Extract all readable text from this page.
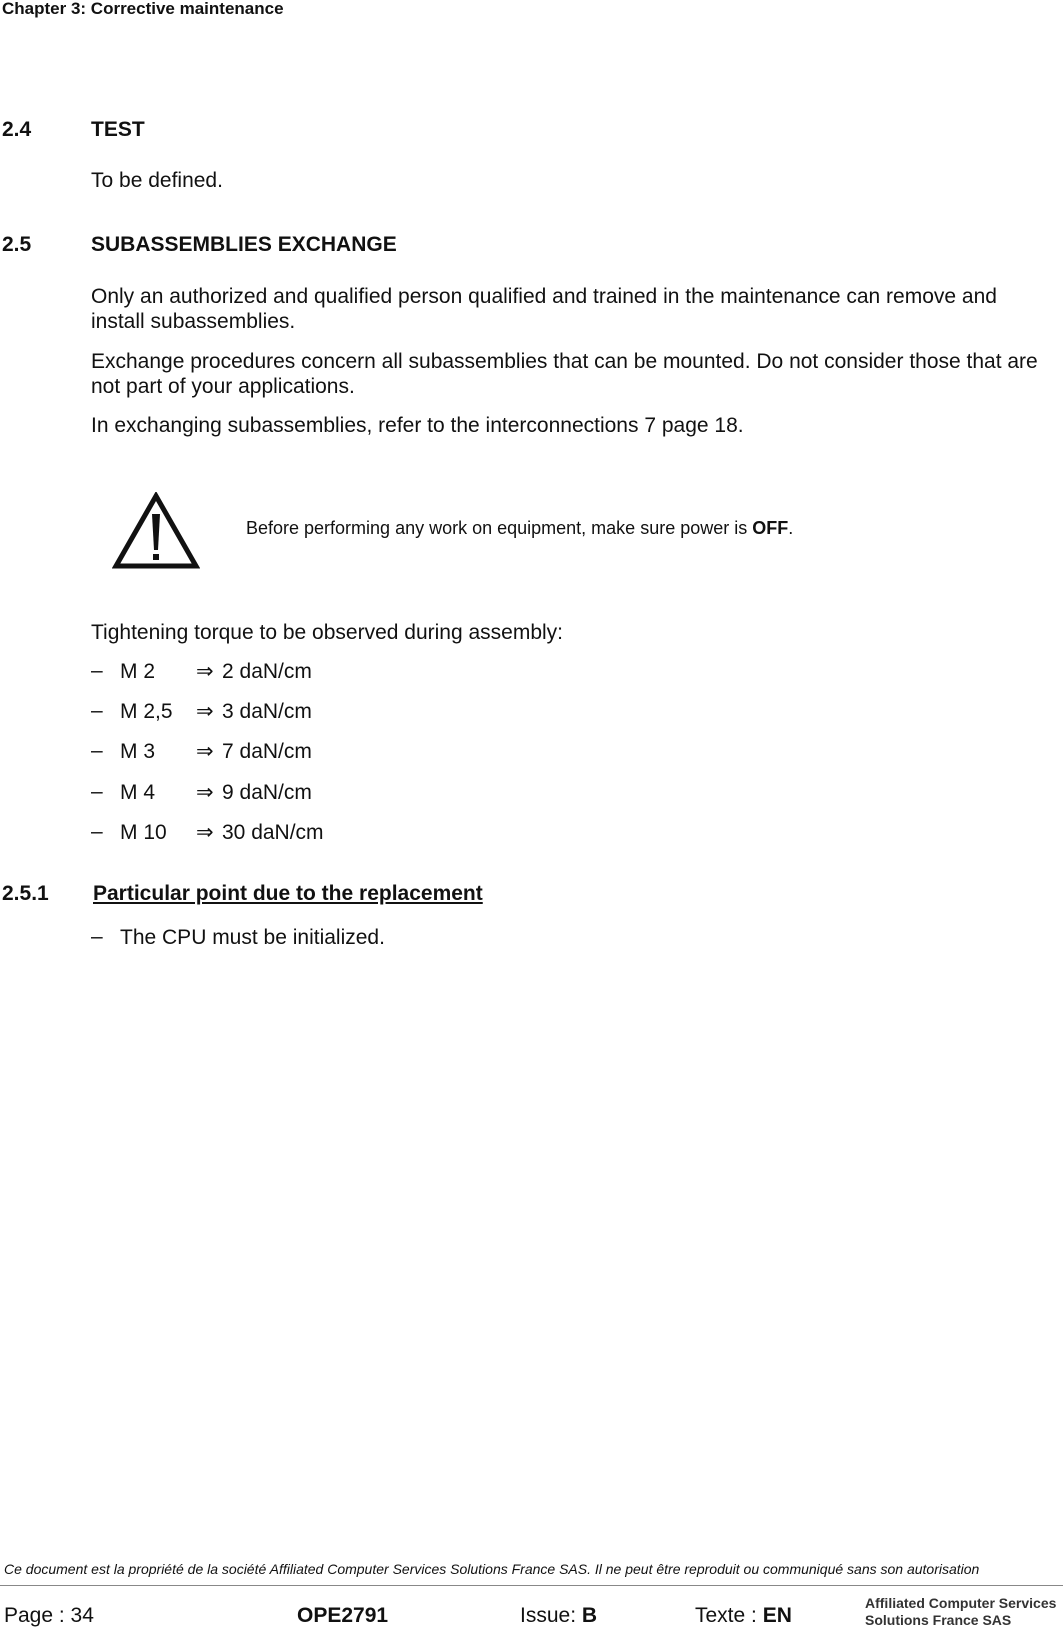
Chapter 3: Corrective maintenance
2.4	TEST
To be defined.
2.5	SUBASSEMBLIES EXCHANGE
Only an authorized and qualified person qualified and trained in the maintenance can remove and install subassemblies.
Exchange procedures concern all subassemblies that can be mounted. Do not consider those that are not part of your applications.
In exchanging subassemblies, refer to the interconnections 7 page 18.
Before performing any work on equipment, make sure power is OFF.
Tightening torque to be observed during assembly:
– M 2 ⇒ 2 daN/cm
– M 2,5 ⇒ 3 daN/cm
– M 3 ⇒ 7 daN/cm
– M 4 ⇒ 9 daN/cm
– M 10 ⇒ 30 daN/cm
2.5.1 Particular point due to the replacement
– The CPU must be initialized.
Ce document est la propriété de la société Affiliated Computer Services Solutions France SAS. Il ne peut être reproduit ou communiqué sans son autorisation
Page : 34	OPE2791	Issue: B	Texte : EN
Affiliated Computer Services
Solutions France SAS
